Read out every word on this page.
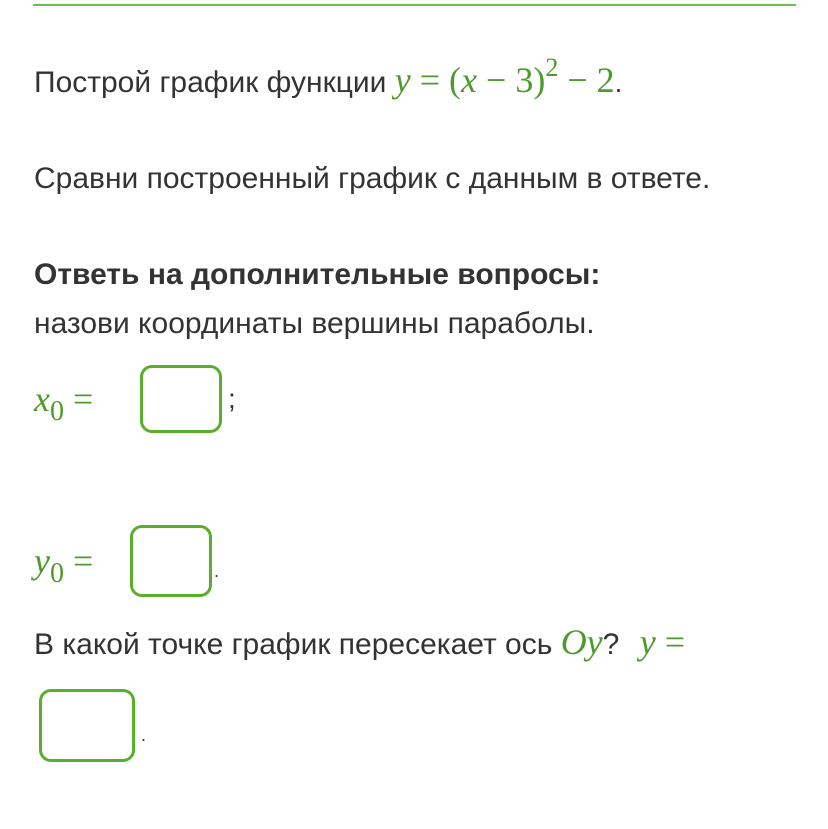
Построй график функции $y = (x - 3)^2 - 2$.
Сравни построенный график с данным в ответе.
Ответь на дополнительные вопросы:
назови координаты вершины параболы.
$x_0$ =	;
$y_0$ =	.
В какой точке график пересекает ось Oy? y =
.
